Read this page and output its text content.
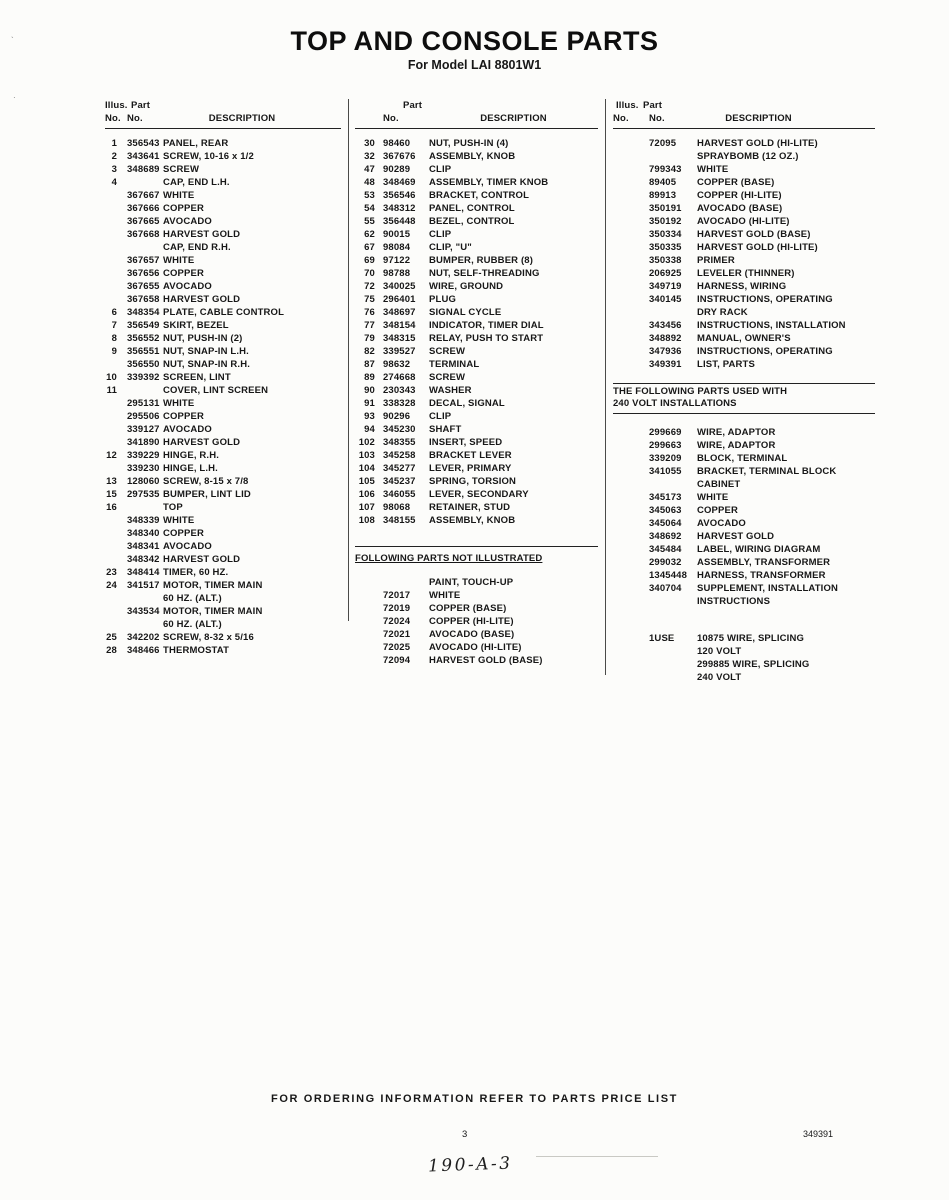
TOP AND CONSOLE PARTS
For Model LAI 8801W1
`
·
Illus. Part
No. No.	DESCRIPTION
1 356543 PANEL, REAR
2 343641 SCREW, 10-16 x 1/2
3 348689 SCREW
4	CAP, END L.H.
367667 WHITE
367666 COPPER
367665 AVOCADO
367668 HARVEST GOLD
CAP, END R.H.
367657 WHITE
367656 COPPER
367655 AVOCADO
367658 HARVEST GOLD
6 348354 PLATE, CABLE CONTROL
7 356549 SKIRT, BEZEL
8 356552 NUT, PUSH-IN (2)
9 356551 NUT, SNAP-IN L.H.
356550 NUT, SNAP-IN R.H.
10 339392 SCREEN, LINT
11	COVER, LINT SCREEN
295131 WHITE
295506 COPPER
339127 AVOCADO
341890 HARVEST GOLD
12 339229 HINGE, R.H.
339230 HINGE, L.H.
13 128060 SCREW, 8-15 x 7/8
15 297535 BUMPER, LINT LID
16	TOP
348339 WHITE
348340 COPPER
348341 AVOCADO
348342 HARVEST GOLD
23 348414 TIMER, 60 HZ.
24 341517 MOTOR, TIMER MAIN
60 HZ. (ALT.)
343534 MOTOR, TIMER MAIN
60 HZ. (ALT.)
25 342202 SCREW, 8-32 x 5/16
28 348466 THERMOSTAT
Part
No.	DESCRIPTION
30 98460	NUT, PUSH-IN (4)
32 367676	ASSEMBLY, KNOB
47 90289	CLIP
48 348469	ASSEMBLY, TIMER KNOB
53 356546	BRACKET, CONTROL
54 348312	PANEL, CONTROL
55 356448	BEZEL, CONTROL
62 90015	CLIP
67 98084	CLIP, "U"
69 97122	BUMPER, RUBBER (8)
70 98788	NUT, SELF-THREADING
72 340025	WIRE, GROUND
75 296401	PLUG
76 348697	SIGNAL CYCLE
77 348154	INDICATOR, TIMER DIAL
79 348315	RELAY, PUSH TO START
82 339527	SCREW
87 98632	TERMINAL
89 274668	SCREW
90 230343	WASHER
91 338328	DECAL, SIGNAL
93 90296	CLIP
94 345230	SHAFT
102 348355	INSERT, SPEED
103 345258	BRACKET LEVER
104 345277	LEVER, PRIMARY
105 345237	SPRING, TORSION
106 346055	LEVER, SECONDARY
107 98068	RETAINER, STUD
108 348155	ASSEMBLY, KNOB
FOLLOWING PARTS NOT ILLUSTRATED
PAINT, TOUCH-UP
72017	WHITE
72019	COPPER (BASE)
72024	COPPER (HI-LITE)
72021	AVOCADO (BASE)
72025	AVOCADO (HI-LITE)
72094	HARVEST GOLD (BASE)
Illus. Part
No.	No.	DESCRIPTION
72095	HARVEST GOLD (HI-LITE)
SPRAYBOMB (12 OZ.)
799343	WHITE
89405	COPPER (BASE)
89913	COPPER (HI-LITE)
350191	AVOCADO (BASE)
350192	AVOCADO (HI-LITE)
350334	HARVEST GOLD (BASE)
350335	HARVEST GOLD (HI-LITE)
350338	PRIMER
206925	LEVELER (THINNER)
349719	HARNESS, WIRING
340145	INSTRUCTIONS, OPERATING
DRY RACK
343456	INSTRUCTIONS, INSTALLATION
348892	MANUAL, OWNER'S
347936	INSTRUCTIONS, OPERATING
349391	LIST, PARTS
THE FOLLOWING PARTS USED WITH
240 VOLT INSTALLATIONS
299669	WIRE, ADAPTOR
299663	WIRE, ADAPTOR
339209	BLOCK, TERMINAL
341055	BRACKET, TERMINAL BLOCK
CABINET
345173	WHITE
345063	COPPER
345064	AVOCADO
348692	HARVEST GOLD
345484	LABEL, WIRING DIAGRAM
299032	ASSEMBLY, TRANSFORMER
1345448	HARNESS, TRANSFORMER
340704	SUPPLEMENT, INSTALLATION
INSTRUCTIONS
1USE	10875 WIRE, SPLICING
120 VOLT
299885 WIRE, SPLICING
240 VOLT
FOR ORDERING INFORMATION REFER TO PARTS PRICE LIST
3	349391
190-A-3
